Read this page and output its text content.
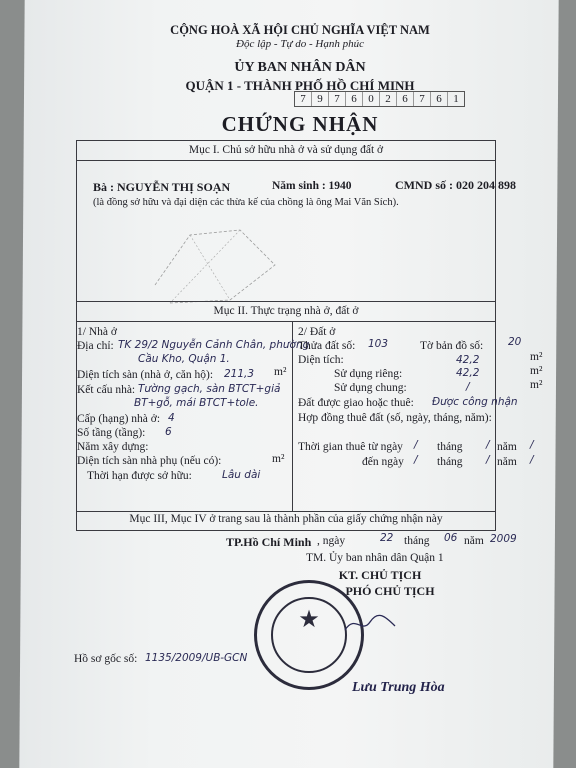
CỘNG HOÀ XÃ HỘI CHỦ NGHĨA VIỆT NAM
Độc lập - Tự do - Hạnh phúc
ỦY BAN NHÂN DÂN
QUẬN 1 - THÀNH PHỐ HỒ CHÍ MINH
7	9	7	6	0	2	6	7	6	1
CHỨNG NHẬN
Mục I. Chủ sở hữu nhà ở và sử dụng đất ở
Bà : NGUYỄN THỊ SOẠN	Năm sinh : 1940	CMND số : 020 204 898
(là đồng sở hữu và đại diện các thừa kế của chồng là ông Mai Văn Sích).
Mục II. Thực trạng nhà ở, đất ở
1/ Nhà ở
Địa chỉ: TK 29/2 Nguyễn Cảnh Chân, phường
Cầu Kho, Quận 1.
Diện tích sàn (nhà ở, căn hộ): 211,3 m²
Kết cấu nhà: Tường gạch, sàn BTCT+giả
BT+gỗ, mái BTCT+tole.
Cấp (hạng) nhà ở: 4
Số tầng (tầng): 6
Năm xây dựng:
Diện tích sàn nhà phụ (nếu có):	m²
Thời hạn được sở hữu:	Lâu dài
2/ Đất ở
Thửa đất số: 103	Tờ bản đồ số: 20
Diện tích:	42,2	m²
Sử dụng riêng:	42,2	m²
Sử dụng chung:	/	m²
Đất được giao hoặc thuê: Được công nhận
Hợp đồng thuê đất (số, ngày, tháng, năm):
Thời gian thuê từ ngày / tháng / năm /
đến ngày / tháng / năm /
Mục III, Mục IV ở trang sau là thành phần của giấy chứng nhận này
TP.Hồ Chí Minh , ngày	22 tháng 06 năm 2009
TM. Ủy ban nhân dân Quận 1
KT. CHỦ TỊCH
PHÓ CHỦ TỊCH
★
Lưu Trung Hòa
Hồ sơ gốc số: 1135/2009/UB-GCN
